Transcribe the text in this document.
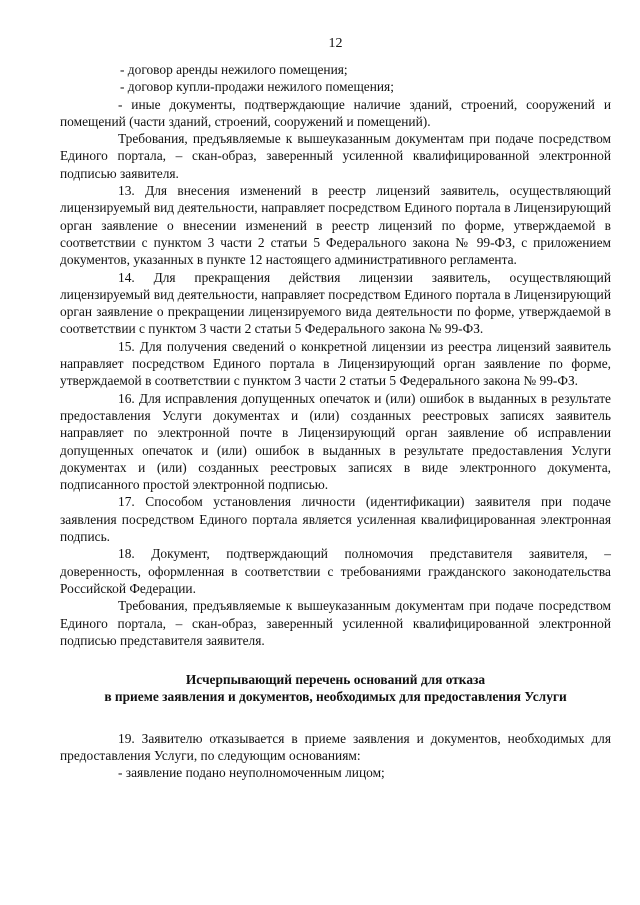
12

- договор аренды нежилого помещения;

- договор купли-продажи нежилого помещения;

- иные документы, подтверждающие наличие зданий, строений, сооружений и помещений (части зданий, строений, сооружений и помещений).

Требования, предъявляемые к вышеуказанным документам при подаче посредством Единого портала, – скан-образ, заверенный усиленной квалифицированной электронной подписью заявителя.

13. Для внесения изменений в реестр лицензий заявитель, осуществляющий лицензируемый вид деятельности, направляет посредством Единого портала в Лицензирующий орган заявление о внесении изменений в реестр лицензий по форме, утверждаемой в соответствии с пунктом 3 части 2 статьи 5 Федерального закона № 99-ФЗ, с приложением документов, указанных в пункте 12 настоящего административного регламента.

14. Для прекращения действия лицензии заявитель, осуществляющий лицензируемый вид деятельности, направляет посредством Единого портала в Лицензирующий орган заявление о прекращении лицензируемого вида деятельности по форме, утверждаемой в соответствии с пунктом 3 части 2 статьи 5 Федерального закона № 99-ФЗ.

15. Для получения сведений о конкретной лицензии из реестра лицензий заявитель направляет посредством Единого портала в Лицензирующий орган заявление по форме, утверждаемой в соответствии с пунктом 3 части 2 статьи 5 Федерального закона № 99-ФЗ.

16. Для исправления допущенных опечаток и (или) ошибок в выданных в результате предоставления Услуги документах и (или) созданных реестровых записях заявитель направляет по электронной почте в Лицензирующий орган заявление об исправлении допущенных опечаток и (или) ошибок в выданных в результате предоставления Услуги документах и (или) созданных реестровых записях в виде электронного документа, подписанного простой электронной подписью.

17. Способом установления личности (идентификации) заявителя при подаче заявления посредством Единого портала является усиленная квалифицированная электронная подпись.

18. Документ, подтверждающий полномочия представителя заявителя, – доверенность, оформленная в соответствии с требованиями гражданского законодательства Российской Федерации.

Требования, предъявляемые к вышеуказанным документам при подаче посредством Единого портала, – скан-образ, заверенный усиленной квалифицированной электронной подписью представителя заявителя.

Исчерпывающий перечень оснований для отказа
в приеме заявления и документов, необходимых для предоставления Услуги

19. Заявителю отказывается в приеме заявления и документов, необходимых для предоставления Услуги, по следующим основаниям:

- заявление подано неуполномоченным лицом;
